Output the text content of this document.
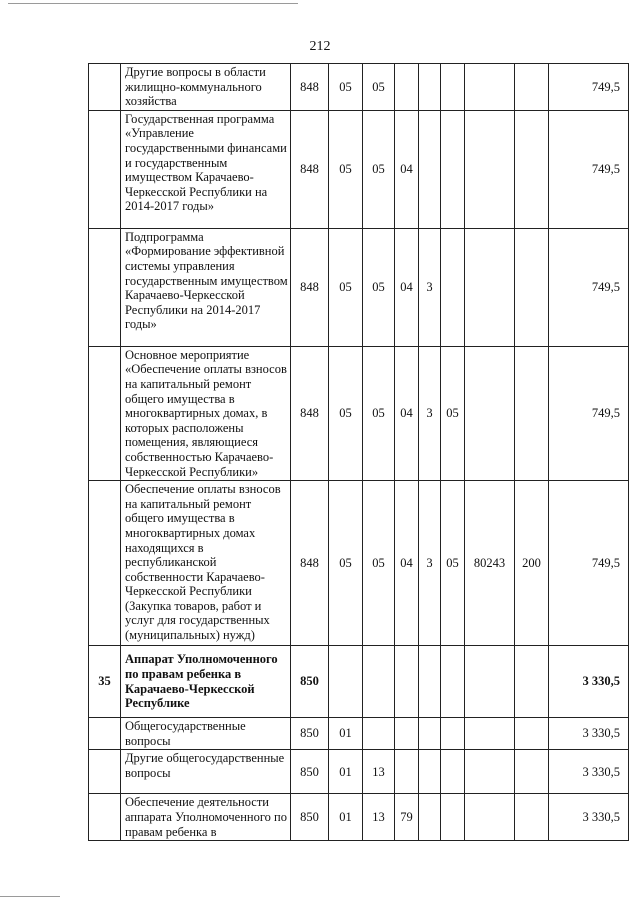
212
	Другие вопросы в области жилищно-коммунального хозяйства	848	05	05						749,5
	Государственная программа «Управление государственными финансами и государственным имуществом Карачаево-Черкесской Республики на 2014-2017 годы»	848	05	05	04					749,5
	Подпрограмма «Формирование эффективной системы управления государственным имуществом Карачаево-Черкесской Республики на 2014-2017 годы»	848	05	05	04	3				749,5
	Основное мероприятие «Обеспечение оплаты взносов на капитальный ремонт общего имущества в многоквартирных домах, в которых расположены помещения, являющиеся собственностью Карачаево-Черкесской Республики»	848	05	05	04	3	05			749,5
	Обеспечение оплаты взносов на капитальный ремонт общего имущества в многоквартирных домах находящихся в республиканской собственности Карачаево-Черкесской Республики (Закупка товаров, работ и услуг для государственных (муниципальных) нужд)	848	05	05	04	3	05	80243	200	749,5
35	Аппарат Уполномоченного по правам ребенка в Карачаево-Черкесской Республике	850								3 330,5
	Общегосударственные вопросы	850	01							3 330,5
	Другие общегосударственные вопросы	850	01	13						3 330,5
	Обеспечение деятельности аппарата Уполномоченного по правам ребенка в	850	01	13	79					3 330,5
